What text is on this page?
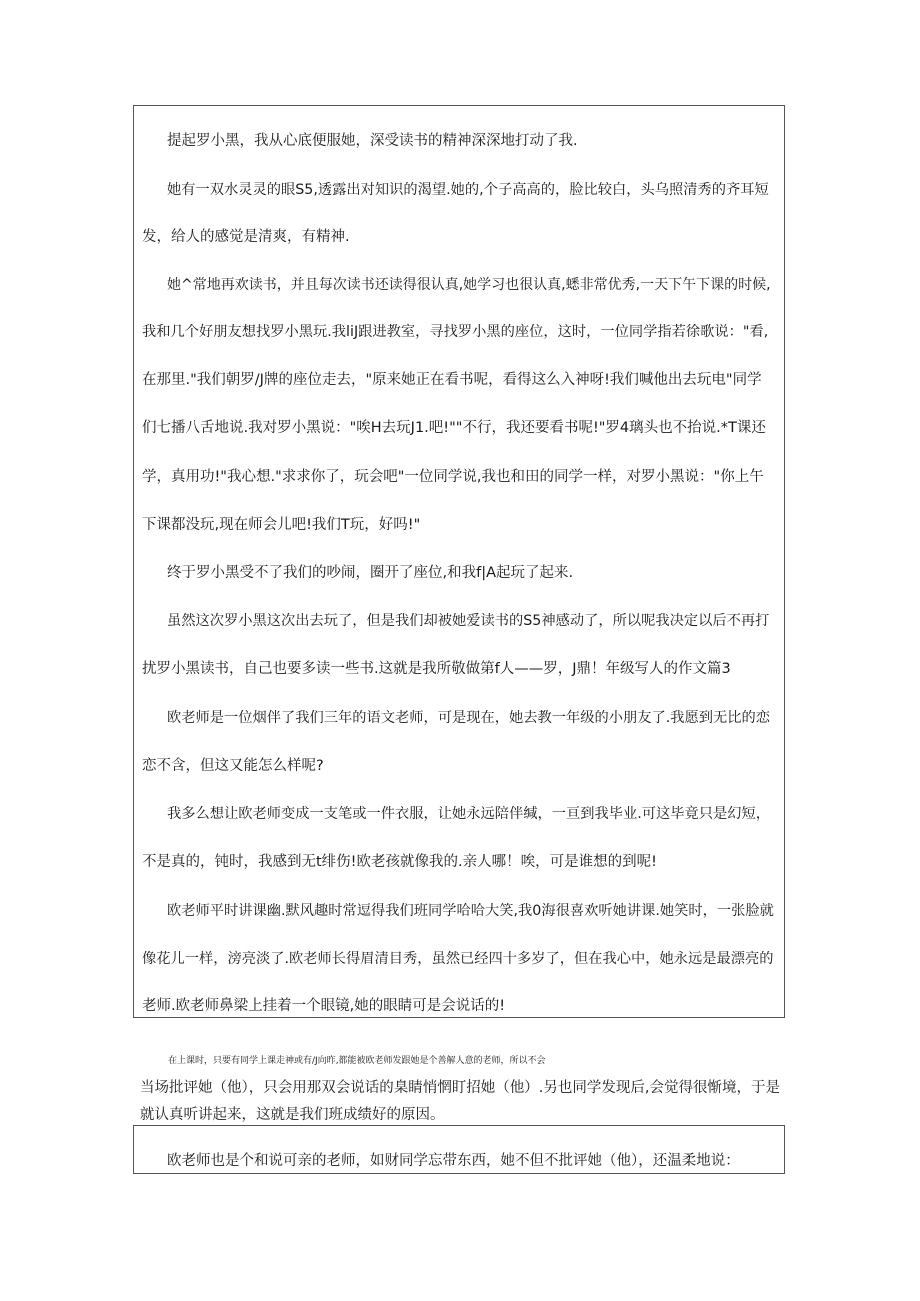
提起罗小黑，我从心底便服她，深受读书的精神深深地打动了我.
她有一双水灵灵的眼S5,透露出对知识的渴望.她的,个子高高的，脸比较白，头乌照清秀的齐耳短
发，给人的感觉是清爽，有精神.
她^常地再欢读书，并且每次读书还读得很认真,她学习也很认真,蟋非常优秀,一天下午下课的时候,
我和几个好朋友想找罗小黑玩.我liJ跟进教室，寻找罗小黑的座位，这时，一位同学指若徐歌说："看,
在那里."我们朝罗/J牌的座位走去，"原来她正在看书呢，看得这么入神呀!我们喊他出去玩电"同学
们七播八舌地说.我对罗小黑说："唉H去玩J1.吧!""不行，我还要看书呢!"罗4璃头也不抬说.*T课还
学，真用功!"我心想."求求你了，玩会吧"一位同学说,我也和田的同学一样，对罗小黑说："你上午
下课都没玩,现在师会儿吧!我们T玩，好吗!"
终于罗小黑受不了我们的吵闹，圈开了座位,和我f|A起玩了起来.
虽然这次罗小黑这次出去玩了，但是我们却被她爱读书的S5神感动了，所以呢我决定以后不再打
扰罗小黑读书，自己也要多读一些书.这就是我所敬做第f人——罗，J鼎！年级写人的作文篇3
欧老师是一位烟伴了我们三年的语文老师，可是现在，她去教一年级的小朋友了.我愿到无比的恋
恋不含，但这又能怎么样呢?
我多么想让欧老师变成一支笔或一件衣服，让她永远陪伴缄，一亘到我毕业.可这毕竟只是幻短，
不是真的，钝时，我感到无t绯伤!欧老孩就像我的.亲人哪！唉，可是谁想的到呢!
欧老师平时讲课幽.默风趣时常逗得我们班同学哈哈大笑,我0海很喜欢听她讲课.她笑时，一张脸就
像花儿一样，滂亮淡了.欧老师长得眉清目秀，虽然已经四十多岁了，但在我心中，她永远是最漂亮的
老师.欧老师鼻梁上挂着一个眼镜,她的眼睛可是会说话的!
在上课时，只要有同学上课走神或有/J向昨,都能被欧老师发跟她是个善解人意的老师，所以不会
当场批评她（他），只会用那双会说话的臬睛悄惘盯招她（他）.另也同学发现后,会觉得很惭境，于是
就认真听讲起来，这就是我们班成绩好的原因。
欧老师也是个和说可亲的老师，如财同学忘带东西，她不但不批评她（他），还温柔地说：
